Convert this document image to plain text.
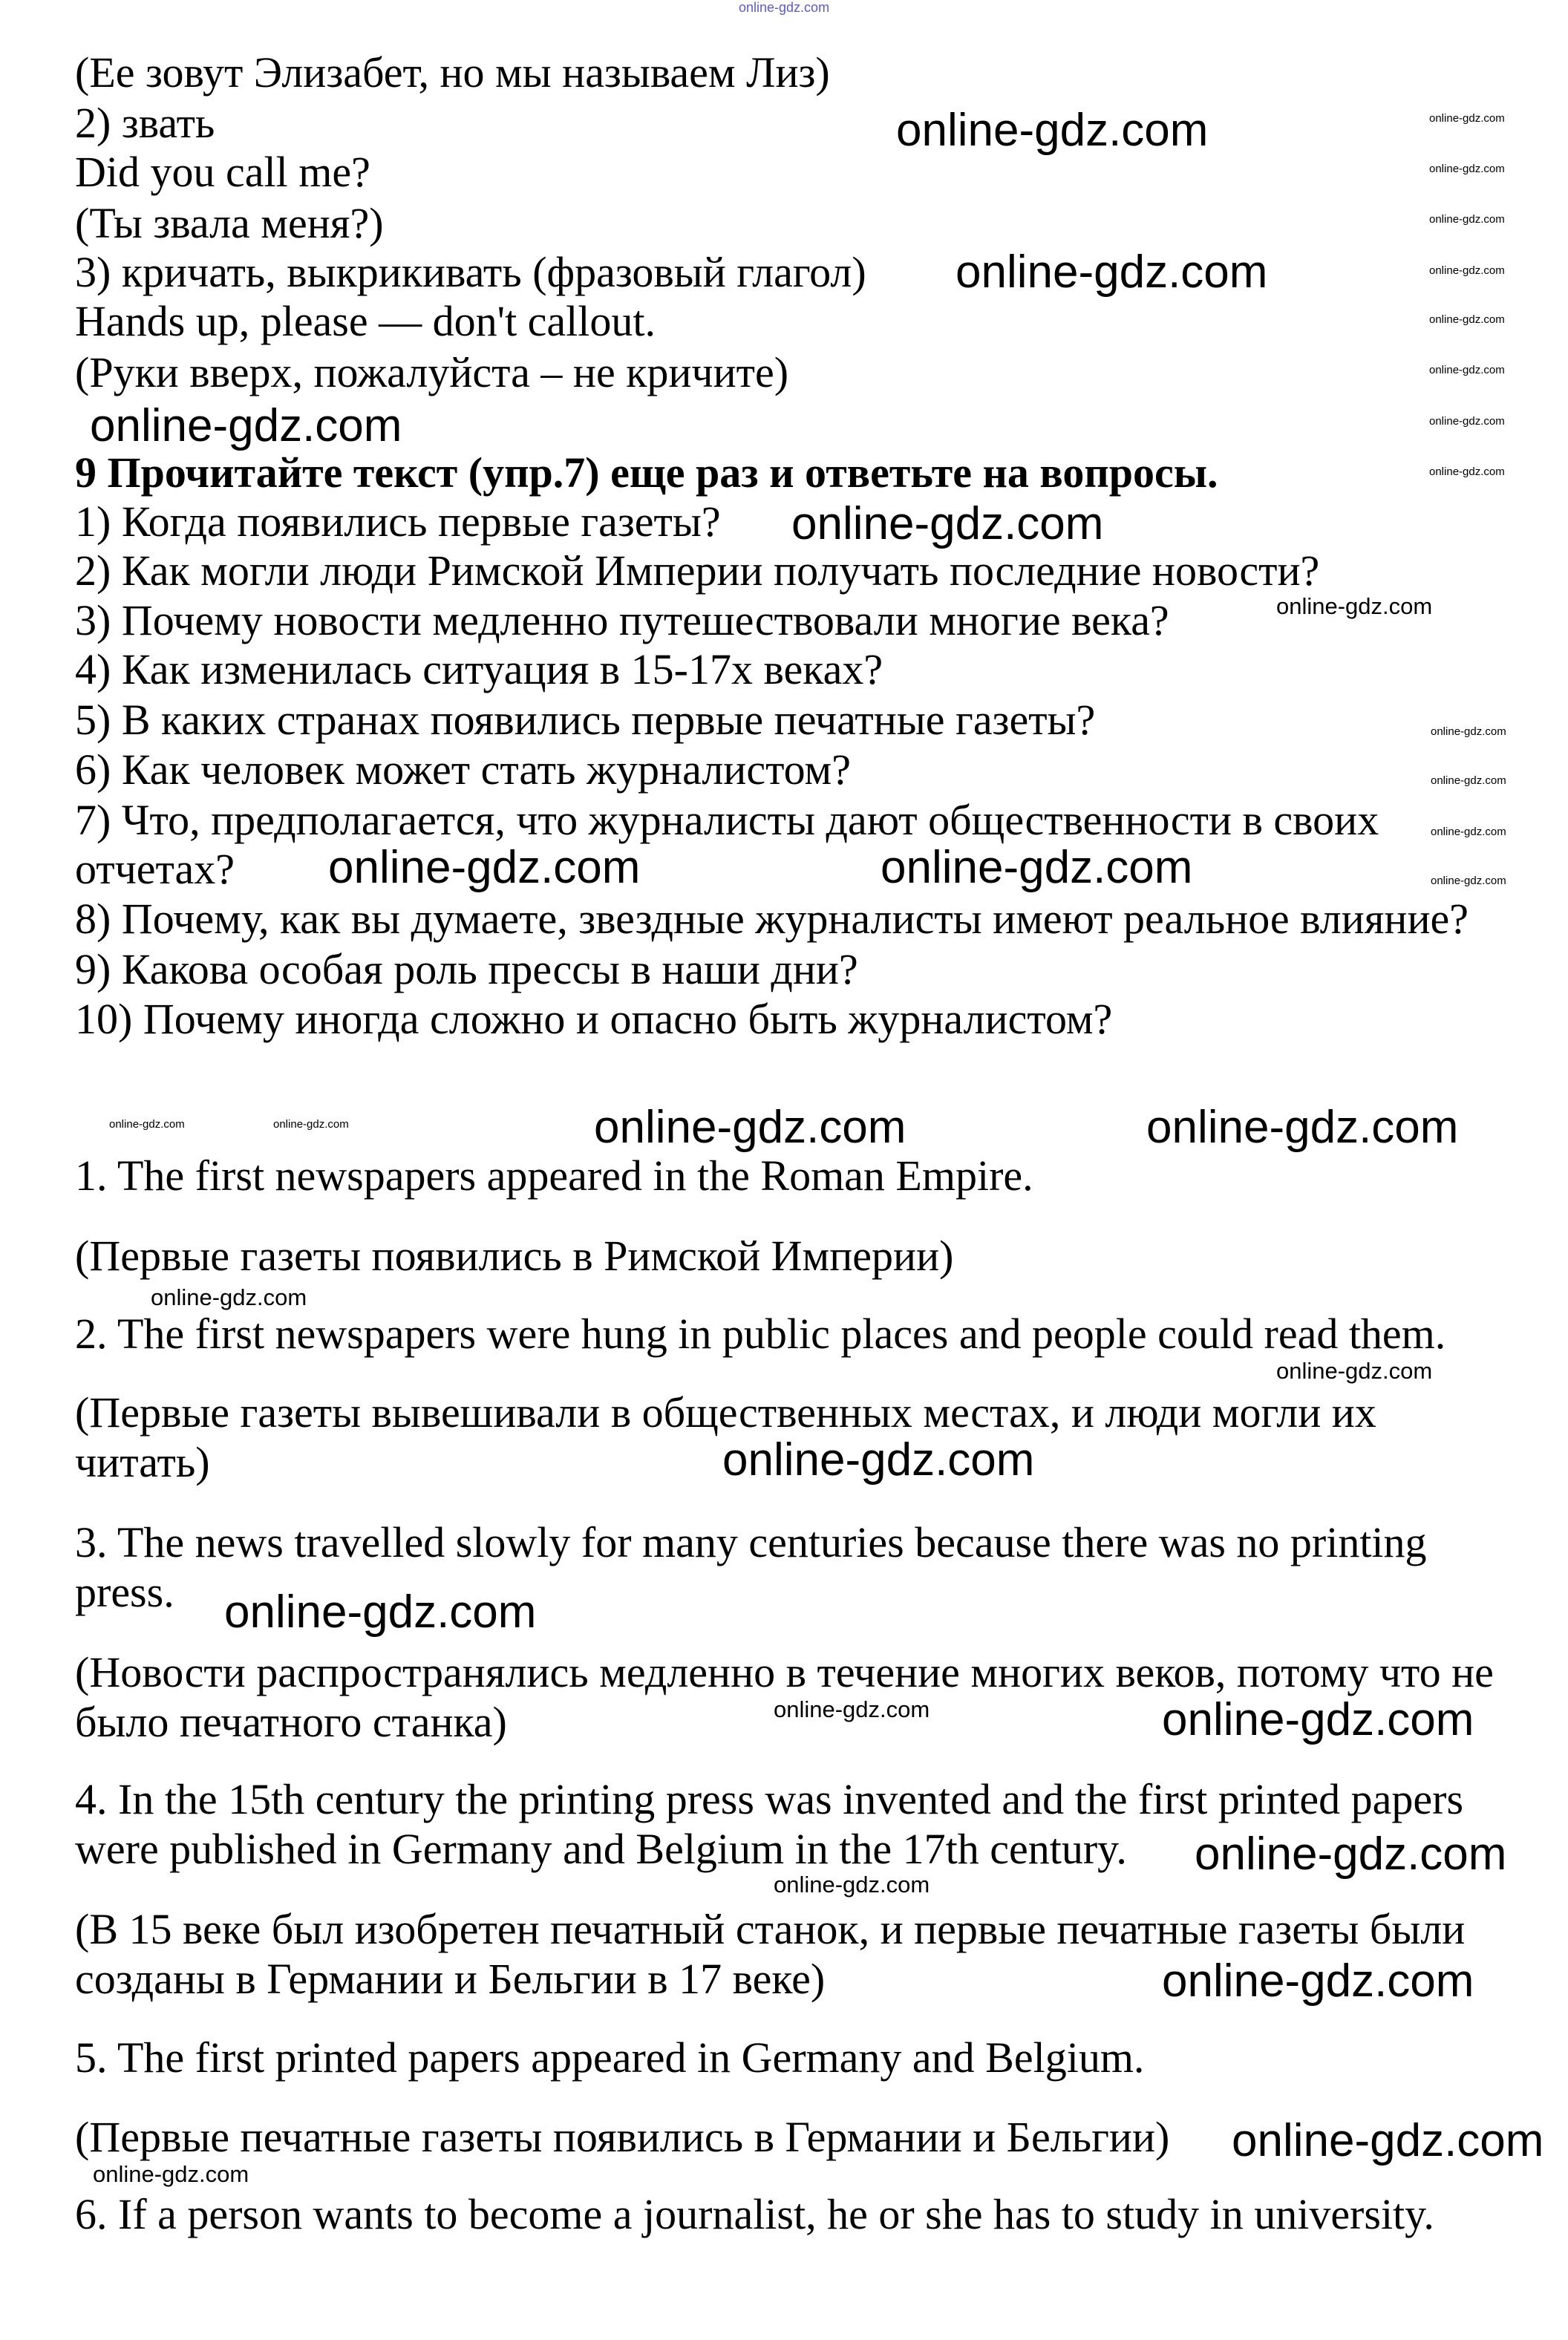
(Ее зовут Элизабет, но мы называем Лиз)
2) звать
Did you call me?
(Ты звала меня?)
3) кричать, выкрикивать (фразовый глагол)
Hands up, please — don't callout.
(Руки вверх, пожалуйста – не кричите)
9 Прочитайте текст (упр.7) еще раз и ответьте на вопросы.
1) Когда появились первые газеты?
2) Как могли люди Римской Империи получать последние новости?
3) Почему новости медленно путешествовали многие века?
4) Как изменилась ситуация в 15-17х веках?
5) В каких странах появились первые печатные газеты?
6) Как человек может стать журналистом?
7) Что, предполагается, что журналисты дают общественности в своих
отчетах?
8) Почему, как вы думаете, звездные журналисты имеют реальное влияние?
9) Какова особая роль прессы в наши дни?
10) Почему иногда сложно и опасно быть журналистом?
1. The first newspapers appeared in the Roman Empire.
(Первые газеты появились в Римской Империи)
2. The first newspapers were hung in public places and people could read them.
(Первые газеты вывешивали в общественных местах, и люди могли их
читать)
3. The news travelled slowly for many centuries because there was no printing
press.
(Новости распространялись медленно в течение многих веков, потому что не
было печатного станка)
4. In the 15th century the printing press was invented and the first printed papers
were published in Germany and Belgium in the 17th century.
(В 15 веке был изобретен печатный станок, и первые печатные газеты были
созданы в Германии и Бельгии в 17 веке)
5. The first printed papers appeared in Germany and Belgium.
(Первые печатные газеты появились в Германии и Бельгии)
6. If a person wants to become a journalist, he or she has to study in university.
online-gdz.com
online-gdz.com
online-gdz.com
online-gdz.com
online-gdz.com
online-gdz.com	online-gdz.com
online-gdz.com	online-gdz.com
online-gdz.com
online-gdz.com
online-gdz.com
online-gdz.com
online-gdz.com
online-gdz.com
online-gdz.com
online-gdz.com
online-gdz.com
online-gdz.com
online-gdz.com
online-gdz.com
online-gdz.com	online-gdz.com
online-gdz.com
online-gdz.com
online-gdz.com
online-gdz.com
online-gdz.com
online-gdz.com
online-gdz.com
online-gdz.com
online-gdz.com
online-gdz.com
online-gdz.com
online-gdz.com
